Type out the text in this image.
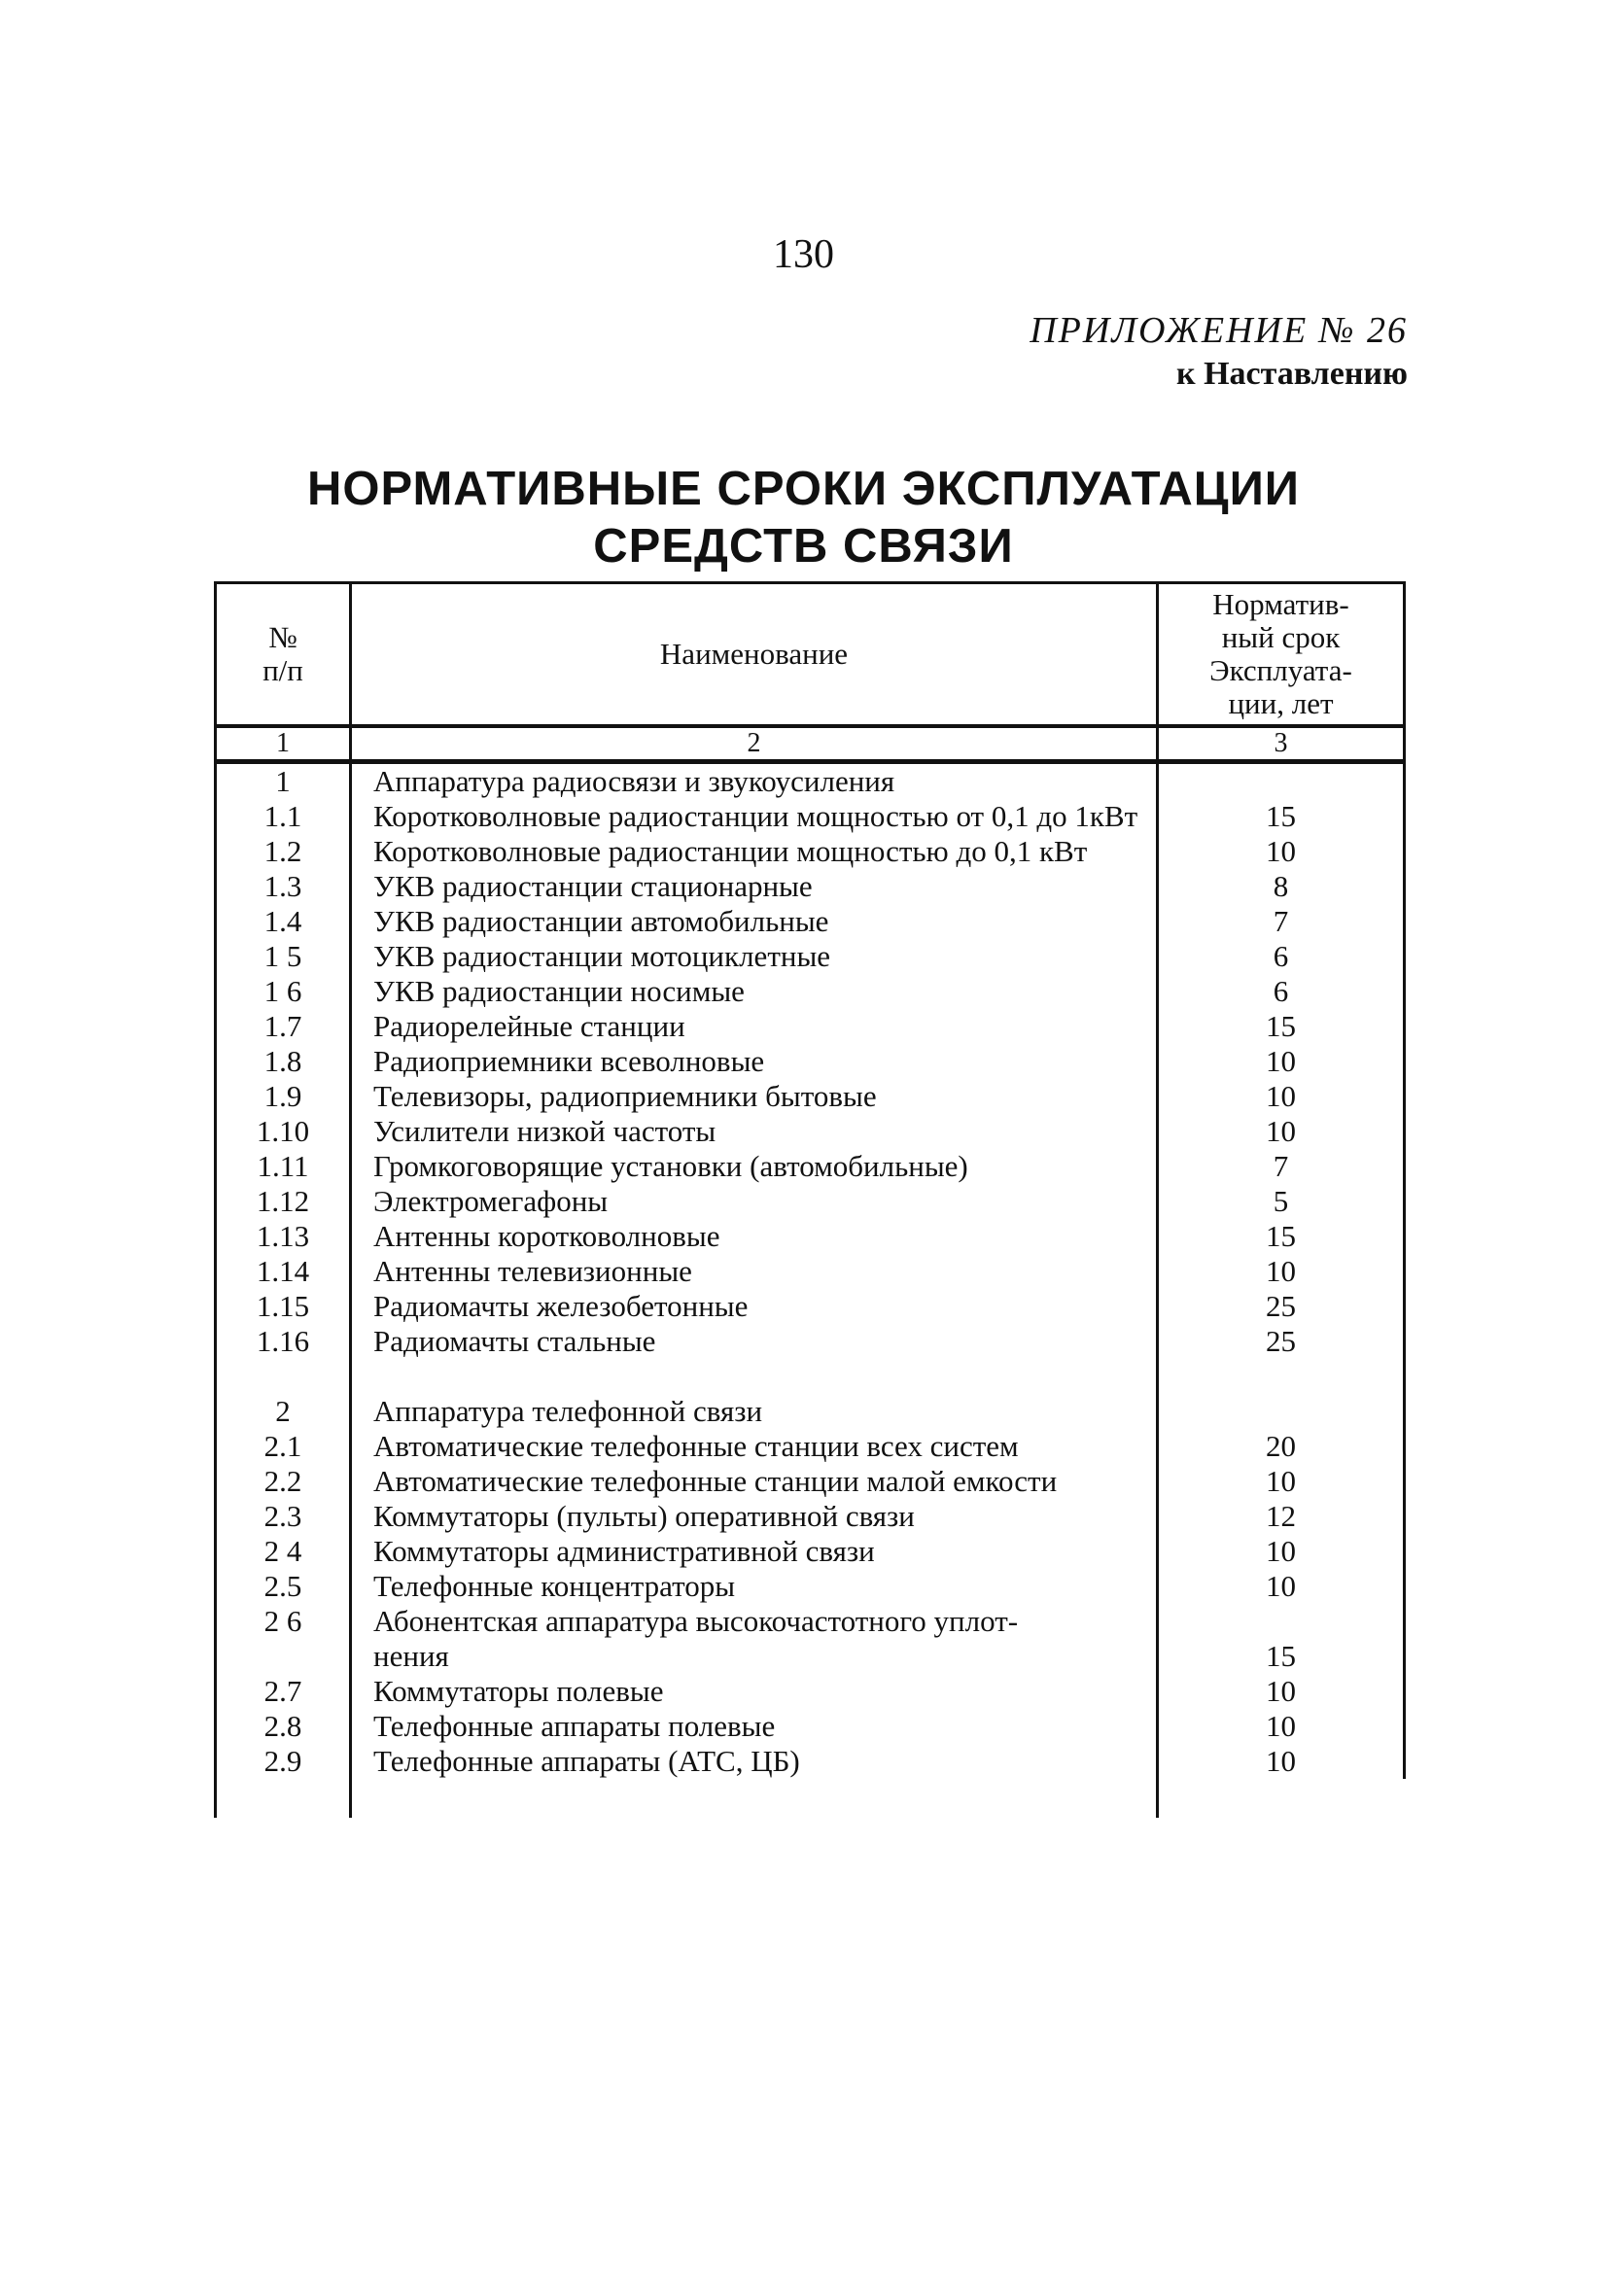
130
ПРИЛОЖЕНИЕ № 26
к Наставлению
НОРМАТИВНЫЕ СРОКИ ЭКСПЛУАТАЦИИ
СРЕДСТВ СВЯЗИ
№
п/п	Наименование	Норматив-
ный срок
Эксплуата-
ции, лет
1	2	3
1	Аппаратура радиосвязи и звукоусиления	
1.1	Коротковолновые радиостанции мощностью от 0,1 до 1кВт	15
1.2	Коротковолновые радиостанции мощностью до 0,1 кВт	10
1.3	УКВ радиостанции стационарные	8
1.4	УКВ радиостанции автомобильные	7
1 5	УКВ радиостанции мотоциклетные	6
1 6	УКВ радиостанции носимые	6
1.7	Радиорелейные станции	15
1.8	Радиоприемники всеволновые	10
1.9	Телевизоры, радиоприемники бытовые	10
1.10	Усилители низкой частоты	10
1.11	Громкоговорящие установки (автомобильные)	7
1.12	Электромегафоны	5
1.13	Антенны коротковолновые	15
1.14	Антенны телевизионные	10
1.15	Радиомачты железобетонные	25
1.16	Радиомачты стальные	25

2	Аппаратура телефонной связи	
2.1	Автоматические телефонные станции всех систем	20
2.2	Автоматические телефонные станции малой емкости	10
2.3	Коммутаторы (пульты) оперативной связи	12
2 4	Коммутаторы административной связи	10
2.5	Телефонные концентраторы	10
2 6	Абонентская аппаратура высокочастотного уплот-
нения	15
2.7	Коммутаторы полевые	10
2.8	Телефонные аппараты полевые	10
2.9	Телефонные аппараты (АТС, ЦБ)	10
